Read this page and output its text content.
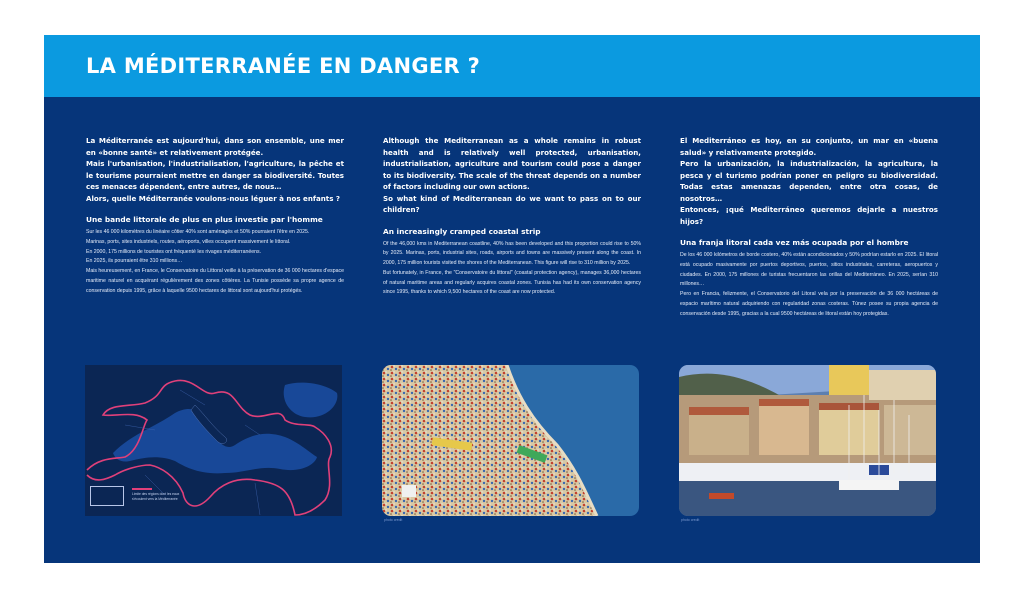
LA MÉDITERRANÉE EN DANGER ?

La Méditerranée est aujourd'hui, dans son ensemble, une mer en «bonne santé» et relativement protégée.

Mais l'urbanisation, l'industrialisation, l'agriculture, la pêche et le tourisme pourraient mettre en danger sa biodiversité. Toutes ces menaces dépendent, entre autres, de nous…

Alors, quelle Méditerranée voulons-nous léguer à nos enfants ?

Une bande littorale de plus en plus investie par l'homme

Sur les 46 000 kilomètres du linéaire côtier 40% sont aménagés et 50% pourraient l'être en 2025.

Marinas, ports, sites industriels, routes, aéroports, villes occupent massivement le littoral.

En 2000, 175 millions de touristes ont fréquenté les rivages méditerranéens.

En 2025, ils pourraient être 310 millions…

Mais heureusement, en France, le Conservatoire du Littoral veille à la préservation de 36 000 hectares d'espace maritime naturel en acquérant régulièrement des zones côtières. La Tunisie possède sa propre agence de conservation depuis 1995, grâce à laquelle 9500 hectares de littoral sont aujourd'hui protégés.

Although the Mediterranean as a whole remains in robust health and is relatively well protected, urbanisation, industrialisation, agriculture and tourism could pose a danger to its biodiversity. The scale of the threat depends on a number of factors including our own actions.

So what kind of Mediterranean do we want to pass on to our children?

An increasingly cramped coastal strip

Of the 46,000 kms in Mediterranean coastline, 40% has been developed and this proportion could rise to 50% by 2025. Marinas, ports, industrial sites, roads, airports and towns are massively present along the coast. In 2000, 175 million tourists visited the shores of the Mediterranean. This figure will rise to 310 million by 2025.

But fortunately, in France, the "Conservatoire du littoral" (coastal protection agency), manages 36,000 hectares of natural maritime areas and regularly acquires coastal zones. Tunisia has had its own conservation agency since 1995, thanks to which 9,500 hectares of the coast are now protected.

El Mediterráneo es hoy, en su conjunto, un mar en «buena salud» y relativamente protegido.

Pero la urbanización, la industrialización, la agricultura, la pesca y el turismo podrían poner en peligro su biodiversidad. Todas estas amenazas dependen, entre otra cosas, de nosotros…

Entonces, ¡qué Mediterráneo queremos dejarle a nuestros hijos?

Una franja litoral cada vez más ocupada por el hombre

De los 46 000 kilómetros de borde costero, 40% están acondicionados y 50% podrían estarlo en 2025. El litoral está ocupado masivamente por puertos deportivos, puertos, sitios industriales, carreteras, aeropuertos y ciudades. En 2000, 175 millones de turistas frecuentaron las orillas del Mediterráneo. En 2025, serían 310 millones…

Pero en Francia, felizmente, el Conservatorio del Litoral vela por la preservación de 36 000 hectáreas de espacio marítimo natural adquiriendo con regularidad zonas costeras. Túnez posee su propia agencia de conservación desde 1995, gracias a la cual 9500 hectáreas de litoral están hoy protegidas.

Limite des régions dont les eaux s'écoulent vers la Méditerranée
photo credit	photo credit
